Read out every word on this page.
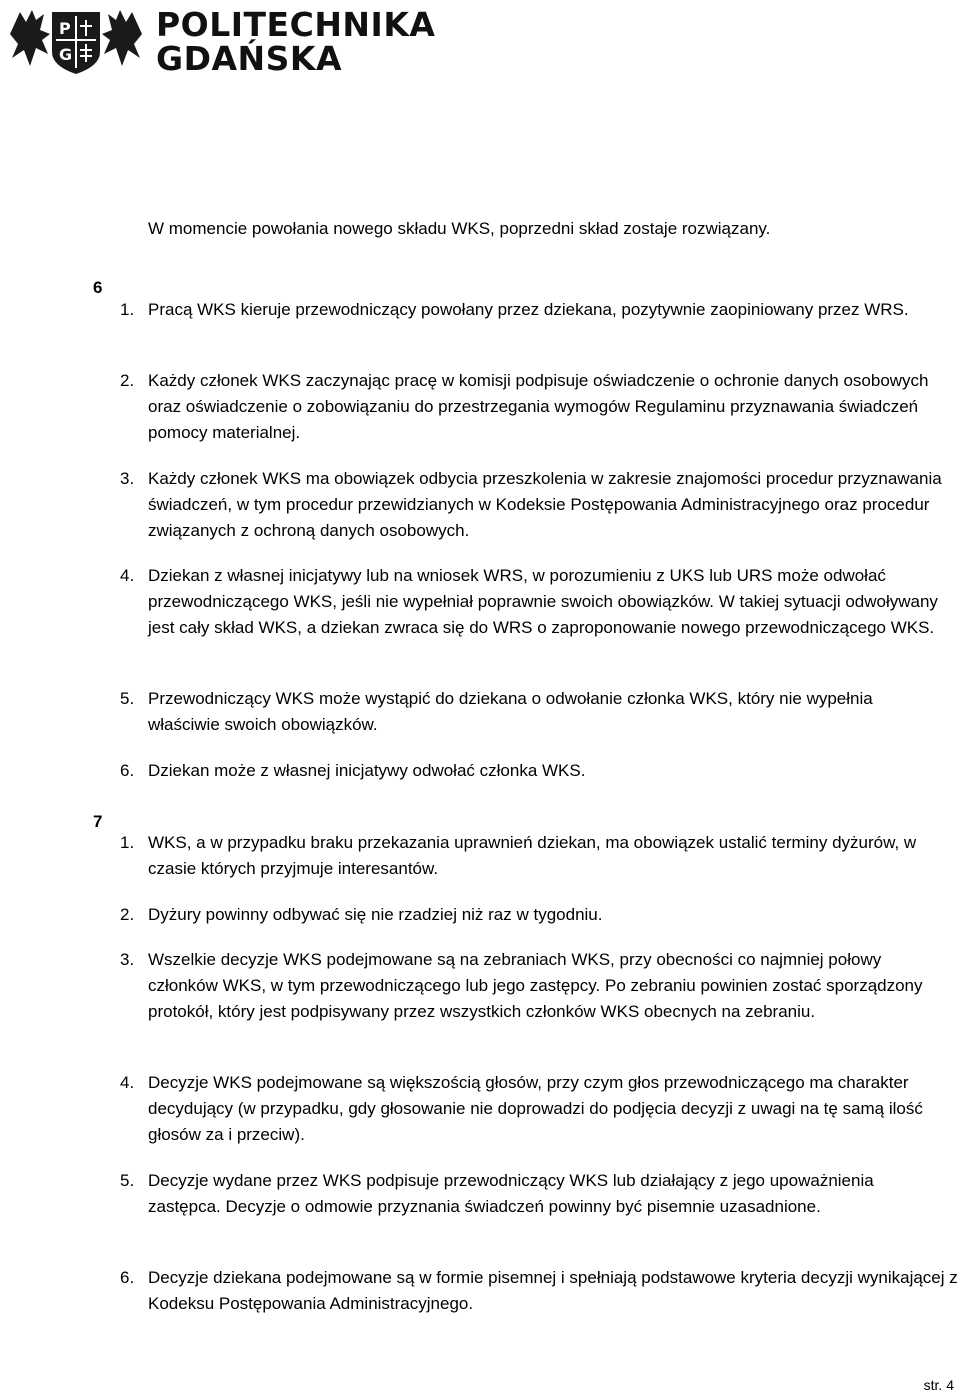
P
G
POLITECHNIKA
GDAŃSKA
W momencie powołania nowego składu WKS, poprzedni skład zostaje rozwiązany.
6
1. Pracą WKS kieruje przewodniczący powołany przez dziekana, pozytywnie zaopiniowany przez WRS.
2. Każdy członek WKS zaczynając pracę w komisji podpisuje oświadczenie o ochronie danych osobowych oraz oświadczenie o zobowiązaniu do przestrzegania wymogów Regulaminu przyznawania świadczeń pomocy materialnej.
3. Każdy członek WKS ma obowiązek odbycia przeszkolenia w zakresie znajomości procedur przyznawania świadczeń, w tym procedur przewidzianych w Kodeksie Postępowania Administracyjnego oraz procedur związanych z ochroną danych osobowych.
4. Dziekan z własnej inicjatywy lub na wniosek WRS, w porozumieniu z UKS lub URS może odwołać przewodniczącego WKS, jeśli nie wypełniał poprawnie swoich obowiązków. W takiej sytuacji odwoływany jest cały skład WKS, a dziekan zwraca się do WRS o zaproponowanie nowego przewodniczącego WKS.
5. Przewodniczący WKS może wystąpić do dziekana o odwołanie członka WKS, który nie wypełnia właściwie swoich obowiązków.
6. Dziekan może z własnej inicjatywy odwołać członka WKS.
7
1. WKS, a w przypadku braku przekazania uprawnień dziekan, ma obowiązek ustalić terminy dyżurów, w czasie których przyjmuje interesantów.
2. Dyżury powinny odbywać się nie rzadziej niż raz w tygodniu.
3. Wszelkie decyzje WKS podejmowane są na zebraniach WKS, przy obecności co najmniej połowy członków WKS, w tym przewodniczącego lub jego zastępcy. Po zebraniu powinien zostać sporządzony protokół, który jest podpisywany przez wszystkich członków WKS obecnych na zebraniu.
4. Decyzje WKS podejmowane są większością głosów, przy czym głos przewodniczącego ma charakter decydujący (w przypadku, gdy głosowanie nie doprowadzi do podjęcia decyzji z uwagi na tę samą ilość głosów za i przeciw).
5. Decyzje wydane przez WKS podpisuje przewodniczący WKS lub działający z jego upoważnienia zastępca. Decyzje o odmowie przyznania świadczeń powinny być pisemnie uzasadnione.
6. Decyzje dziekana podejmowane są w formie pisemnej i spełniają podstawowe kryteria decyzji wynikającej z Kodeksu Postępowania Administracyjnego.
str. 4
